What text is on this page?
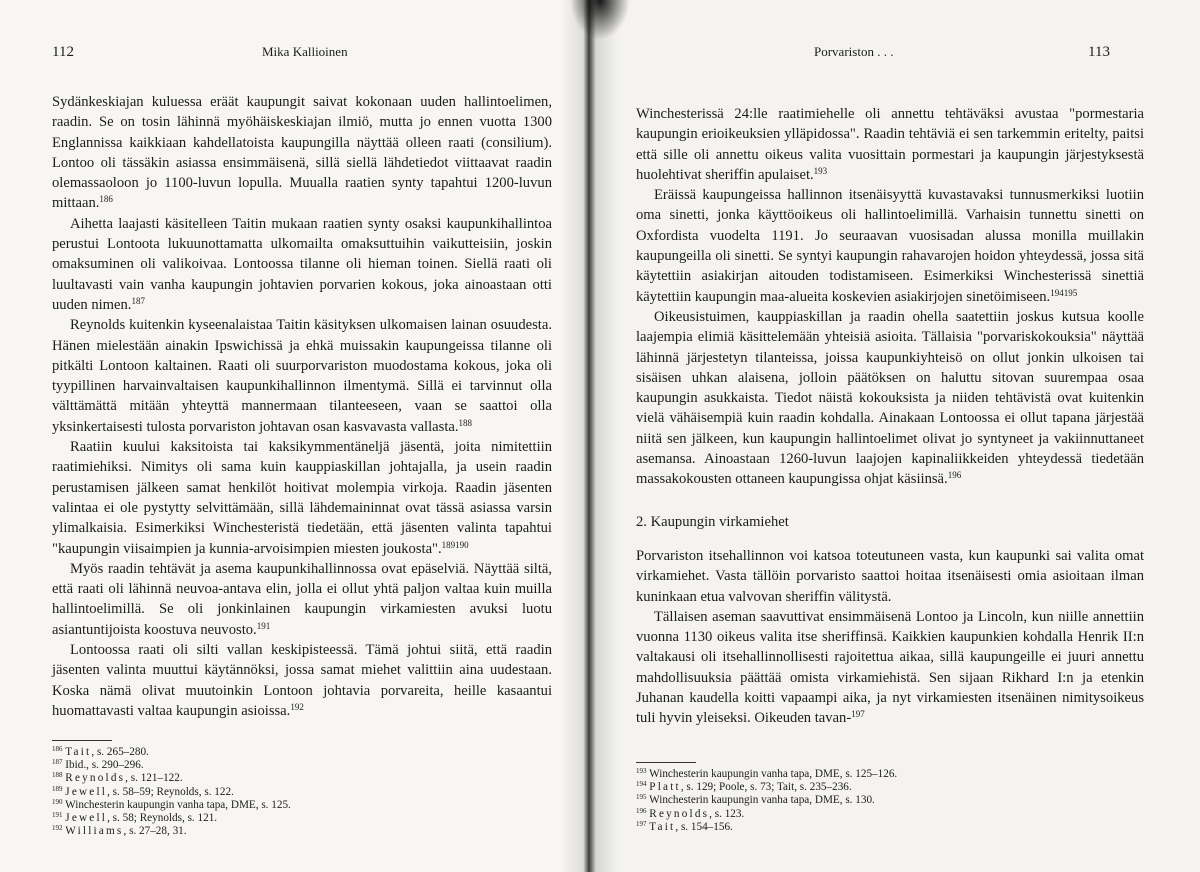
112	Mika Kallioinen

Sydänkeskiajan kuluessa eräät kaupungit saivat kokonaan uuden hallintoelimen, raadin. Se on tosin lähinnä myöhäiskeskiajan ilmiö, mutta jo ennen vuotta 1300 Englannissa kaikkiaan kahdellatoista kaupungilla näyttää olleen raati (consilium). Lontoo oli tässäkin asiassa ensimmäisenä, sillä siellä lähdetiedot viittaavat raadin olemassaoloon jo 1100-luvun lopulla. Muualla raatien synty tapahtui 1200-luvun mittaan.$^{186}$

Aihetta laajasti käsitelleen Taitin mukaan raatien synty osaksi kaupunkihallintoa perustui Lontoota lukuunottamatta ulkomailta omaksuttuihin vaikutteisiin, joskin omaksuminen oli valikoivaa. Lontoossa tilanne oli hieman toinen. Siellä raati oli luultavasti vain vanha kaupungin johtavien porvarien kokous, joka ainoastaan otti uuden nimen.$^{187}$

Reynolds kuitenkin kyseenalaistaa Taitin käsityksen ulkomaisen lainan osuudesta. Hänen mielestään ainakin Ipswichissä ja ehkä muissakin kaupungeissa tilanne oli pitkälti Lontoon kaltainen. Raati oli suurporvariston muodostama kokous, joka oli tyypillinen harvainvaltaisen kaupunkihallinnon ilmentymä. Sillä ei tarvinnut olla välttämättä mitään yhteyttä mannermaan tilanteeseen, vaan se saattoi olla yksinkertaisesti tulosta porvariston johtavan osan kasvavasta vallasta.$^{188}$

Raatiin kuului kaksitoista tai kaksikymmentäneljä jäsentä, joita nimitettiin raatimiehiksi. Nimitys oli sama kuin kauppiaskillan johtajalla, ja usein raadin perustamisen jälkeen samat henkilöt hoitivat molempia virkoja. Raadin jäsenten valintaa ei ole pystytty selvittämään, sillä lähdemaininnat ovat tässä asiassa varsin ylimalkaisia. Esimerkiksi Winchesteristä tiedetään, että jäsenten valinta tapahtui "kaupungin viisaimpien ja kunnia-arvoisimpien miesten joukosta".$^{189190}$

Myös raadin tehtävät ja asema kaupunkihallinnossa ovat epäselviä. Näyttää siltä, että raati oli lähinnä neuvoa-antava elin, jolla ei ollut yhtä paljon valtaa kuin muilla hallintoelimillä. Se oli jonkinlainen kaupungin virkamiesten avuksi luotu asiantuntijoista koostuva neuvosto.$^{191}$

Lontoossa raati oli silti vallan keskipisteessä. Tämä johtui siitä, että raadin jäsenten valinta muuttui käytännöksi, jossa samat miehet valittiin aina uudestaan. Koska nämä olivat muutoinkin Lontoon johtavia porvareita, heille kasaantui huomattavasti valtaa kaupungin asioissa.$^{192}$

$^{186}$ Tait, s. 265–280.
$^{187}$ Ibid., s. 290–296.
$^{188}$ Reynolds, s. 121–122.
$^{189}$ Jewell, s. 58–59; Reynolds, s. 122.
$^{190}$ Winchesterin kaupungin vanha tapa, DME, s. 125.
$^{191}$ Jewell, s. 58; Reynolds, s. 121.
$^{192}$ Williams, s. 27–28, 31.
Porvariston . . .	113

Winchesterissä 24:lle raatimiehelle oli annettu tehtäväksi avustaa "pormestaria kaupungin erioikeuksien ylläpidossa". Raadin tehtäviä ei sen tarkemmin eritelty, paitsi että sille oli annettu oikeus valita vuosittain pormestari ja kaupungin järjestyksestä huolehtivat sheriffin apulaiset.$^{193}$

Eräissä kaupungeissa hallinnon itsenäisyyttä kuvastavaksi tunnusmerkiksi luotiin oma sinetti, jonka käyttöoikeus oli hallintoelimillä. Varhaisin tunnettu sinetti on Oxfordista vuodelta 1191. Jo seuraavan vuosisadan alussa monilla muillakin kaupungeilla oli sinetti. Se syntyi kaupungin rahavarojen hoidon yhteydessä, jossa sitä käytettiin asiakirjan aitouden todistamiseen. Esimerkiksi Winchesterissä sinettiä käytettiin kaupungin maa-alueita koskevien asiakirjojen sinetöimiseen.$^{194195}$

Oikeusistuimen, kauppiaskillan ja raadin ohella saatettiin joskus kutsua koolle laajempia elimiä käsittelemään yhteisiä asioita. Tällaisia "porvariskokouksia" näyttää lähinnä järjestetyn tilanteissa, joissa kaupunkiyhteisö on ollut jonkin ulkoisen tai sisäisen uhkan alaisena, jolloin päätöksen on haluttu sitovan suurempaa osaa kaupungin asukkaista. Tiedot näistä kokouksista ja niiden tehtävistä ovat kuitenkin vielä vähäisempiä kuin raadin kohdalla. Ainakaan Lontoossa ei ollut tapana järjestää niitä sen jälkeen, kun kaupungin hallintoelimet olivat jo syntyneet ja vakiinnuttaneet asemansa. Ainoastaan 1260-luvun laajojen kapinaliikkeiden yhteydessä tiedetään massakokousten ottaneen kaupungissa ohjat käsiinsä.$^{196}$

2. Kaupungin virkamiehet

Porvariston itsehallinnon voi katsoa toteutuneen vasta, kun kaupunki sai valita omat virkamiehet. Vasta tällöin porvaristo saattoi hoitaa itsenäisesti omia asioitaan ilman kuninkaan etua valvovan sheriffin välitystä.

Tällaisen aseman saavuttivat ensimmäisenä Lontoo ja Lincoln, kun niille annettiin vuonna 1130 oikeus valita itse sheriffinsä. Kaikkien kaupunkien kohdalla Henrik II:n valtakausi oli itsehallinnollisesti rajoitettua aikaa, sillä kaupungeille ei juuri annettu mahdollisuuksia päättää omista virkamiehistä. Sen sijaan Rikhard I:n ja etenkin Juhanan kaudella koitti vapaampi aika, ja nyt virkamiesten itsenäinen nimitysoikeus tuli hyvin yleiseksi. Oikeuden tavan-$^{197}$

$^{193}$ Winchesterin kaupungin vanha tapa, DME, s. 125–126.
$^{194}$ Platt, s. 129; Poole, s. 73; Tait, s. 235–236.
$^{195}$ Winchesterin kaupungin vanha tapa, DME, s. 130.
$^{196}$ Reynolds, s. 123.
$^{197}$ Tait, s. 154–156.
